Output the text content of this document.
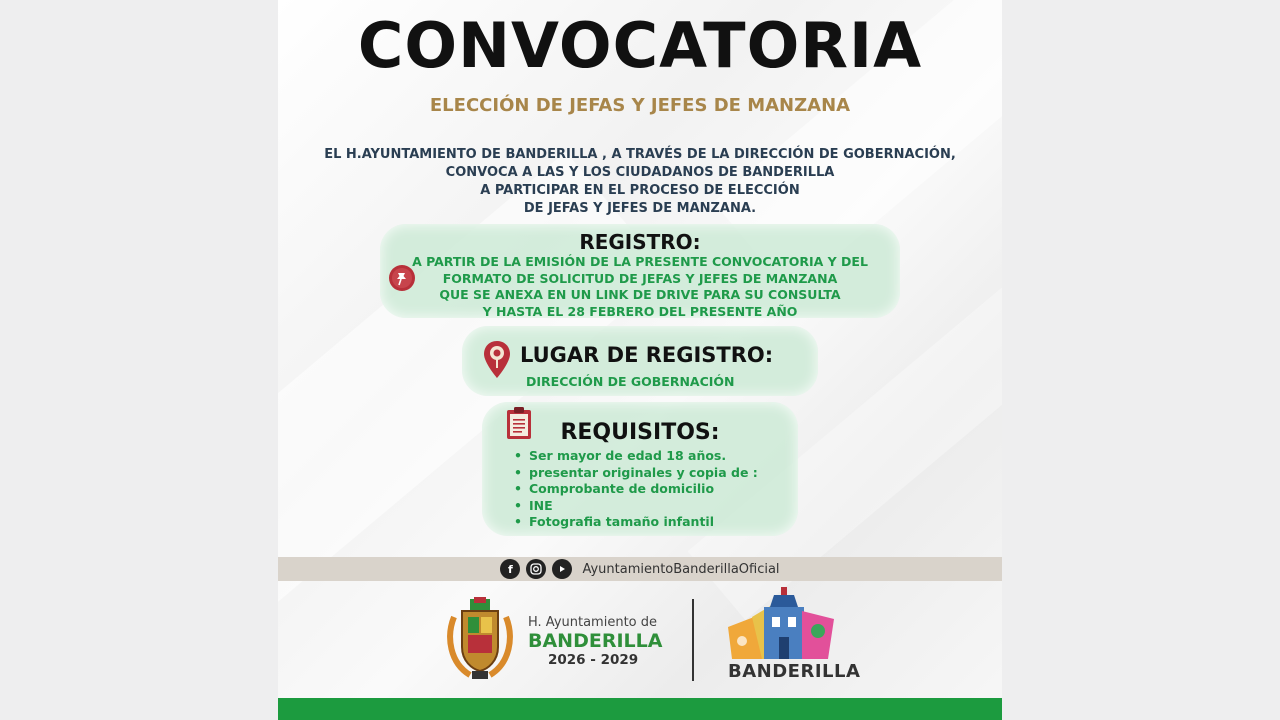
CONVOCATORIA
ELECCIÓN DE JEFAS Y JEFES DE MANZANA
EL H.AYUNTAMIENTO DE BANDERILLA , A TRAVÉS DE LA DIRECCIÓN DE GOBERNACIÓN,
CONVOCA A LAS Y LOS CIUDADANOS DE BANDERILLA
A PARTICIPAR EN EL PROCESO DE ELECCIÓN
DE JEFAS Y JEFES DE MANZANA.
REGISTRO:
A PARTIR DE LA EMISIÓN DE LA PRESENTE CONVOCATORIA Y DEL
FORMATO DE SOLICITUD DE JEFAS Y JEFES DE MANZANA
QUE SE ANEXA EN UN LINK DE DRIVE PARA SU CONSULTA
Y HASTA EL 28 FEBRERO DEL PRESENTE AÑO
LUGAR DE REGISTRO:
DIRECCIÓN DE GOBERNACIÓN
REQUISITOS:
• Ser mayor de edad 18 años.
• presentar originales y copia de :
• Comprobante de domicilio
• INE
• Fotografia tamaño infantil
f	AyuntamientoBanderillaOficial
H. Ayuntamiento de
BANDERILLA
2026 - 2029
BANDERILLA
